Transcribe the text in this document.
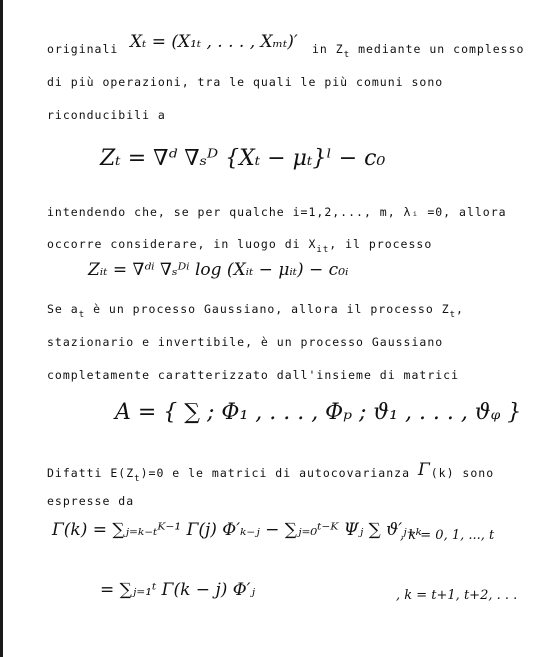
originali Xₜ = (X₁ₜ , . . . , Xₘₜ)′ in $Z_t$ mediante un complesso
di più operazioni, tra le quali le più comuni sono
riconducibili a
Zₜ = ∇ᵈ ∇ₛᴰ {Xₜ − μₜ}ˡ − c₀
intendendo che, se per qualche i=1,2,..., m, λᵢ =0, allora
occorre considerare, in luogo di $X_{it}$, il processo
Zᵢₜ = ∇ᵈⁱ ∇ₛᴰⁱ log (Xᵢₜ − μᵢₜ) − c₀ᵢ
Se $a_t$ è un processo Gaussiano, allora il processo $Z_t$,
stazionario e invertibile, è un processo Gaussiano
completamente caratterizzato dall'insieme di matrici
A = { ∑ ; Φ₁ , . . . , Φₚ ; ϑ₁ , . . . , ϑᵩ }
Difatti $E(Z_t)=0$ e le matrici di autocovarianza Γ(k) sono
espresse da
Γ(k) = ∑ⱼ₌ₖ₋ₜᴷ⁻¹ Γ(j) Φ′ₖ₋ⱼ − ∑ⱼ₌₀ᵗ⁻ᴷ Ψⱼ ∑ ϑ′ⱼ₊ₖ
, k = 0, 1, ..., t
= ∑ⱼ₌₁ᵗ Γ(k − j) Φ′ⱼ	, k = t+1, t+2, . . .
